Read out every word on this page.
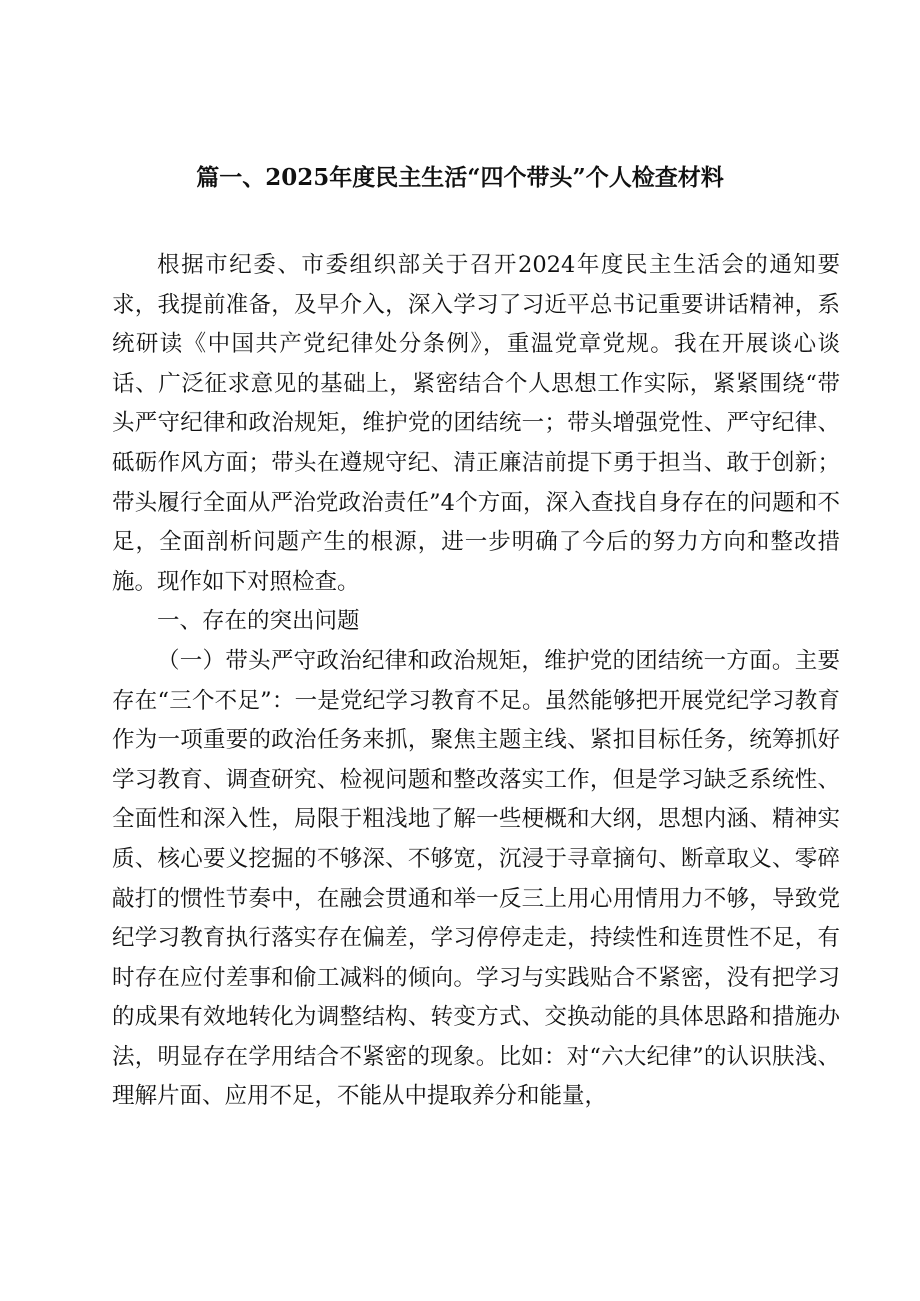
篇一、2025年度民主生活“四个带头”个人检查材料

根据市纪委、市委组织部关于召开2024年度民主生活会的通知要求，我提前准备，及早介入，深入学习了习近平总书记重要讲话精神，系统研读《中国共产党纪律处分条例》，重温党章党规。我在开展谈心谈话、广泛征求意见的基础上，紧密结合个人思想工作实际，紧紧围绕“带头严守纪律和政治规矩，维护党的团结统一；带头增强党性、严守纪律、砥砺作风方面；带头在遵规守纪、清正廉洁前提下勇于担当、敢于创新；带头履行全面从严治党政治责任”4个方面，深入查找自身存在的问题和不足，全面剖析问题产生的根源，进一步明确了今后的努力方向和整改措施。现作如下对照检查。

一、存在的突出问题

（一）带头严守政治纪律和政治规矩，维护党的团结统一方面。主要存在“三个不足”：一是党纪学习教育不足。虽然能够把开展党纪学习教育作为一项重要的政治任务来抓，聚焦主题主线、紧扣目标任务，统筹抓好学习教育、调查研究、检视问题和整改落实工作，但是学习缺乏系统性、全面性和深入性，局限于粗浅地了解一些梗概和大纲，思想内涵、精神实质、核心要义挖掘的不够深、不够宽，沉浸于寻章摘句、断章取义、零碎敲打的惯性节奏中，在融会贯通和举一反三上用心用情用力不够，导致党纪学习教育执行落实存在偏差，学习停停走走，持续性和连贯性不足，有时存在应付差事和偷工减料的倾向。学习与实践贴合不紧密，没有把学习的成果有效地转化为调整结构、转变方式、交换动能的具体思路和措施办法，明显存在学用结合不紧密的现象。比如：对“六大纪律”的认识肤浅、理解片面、应用不足，不能从中提取养分和能量，
